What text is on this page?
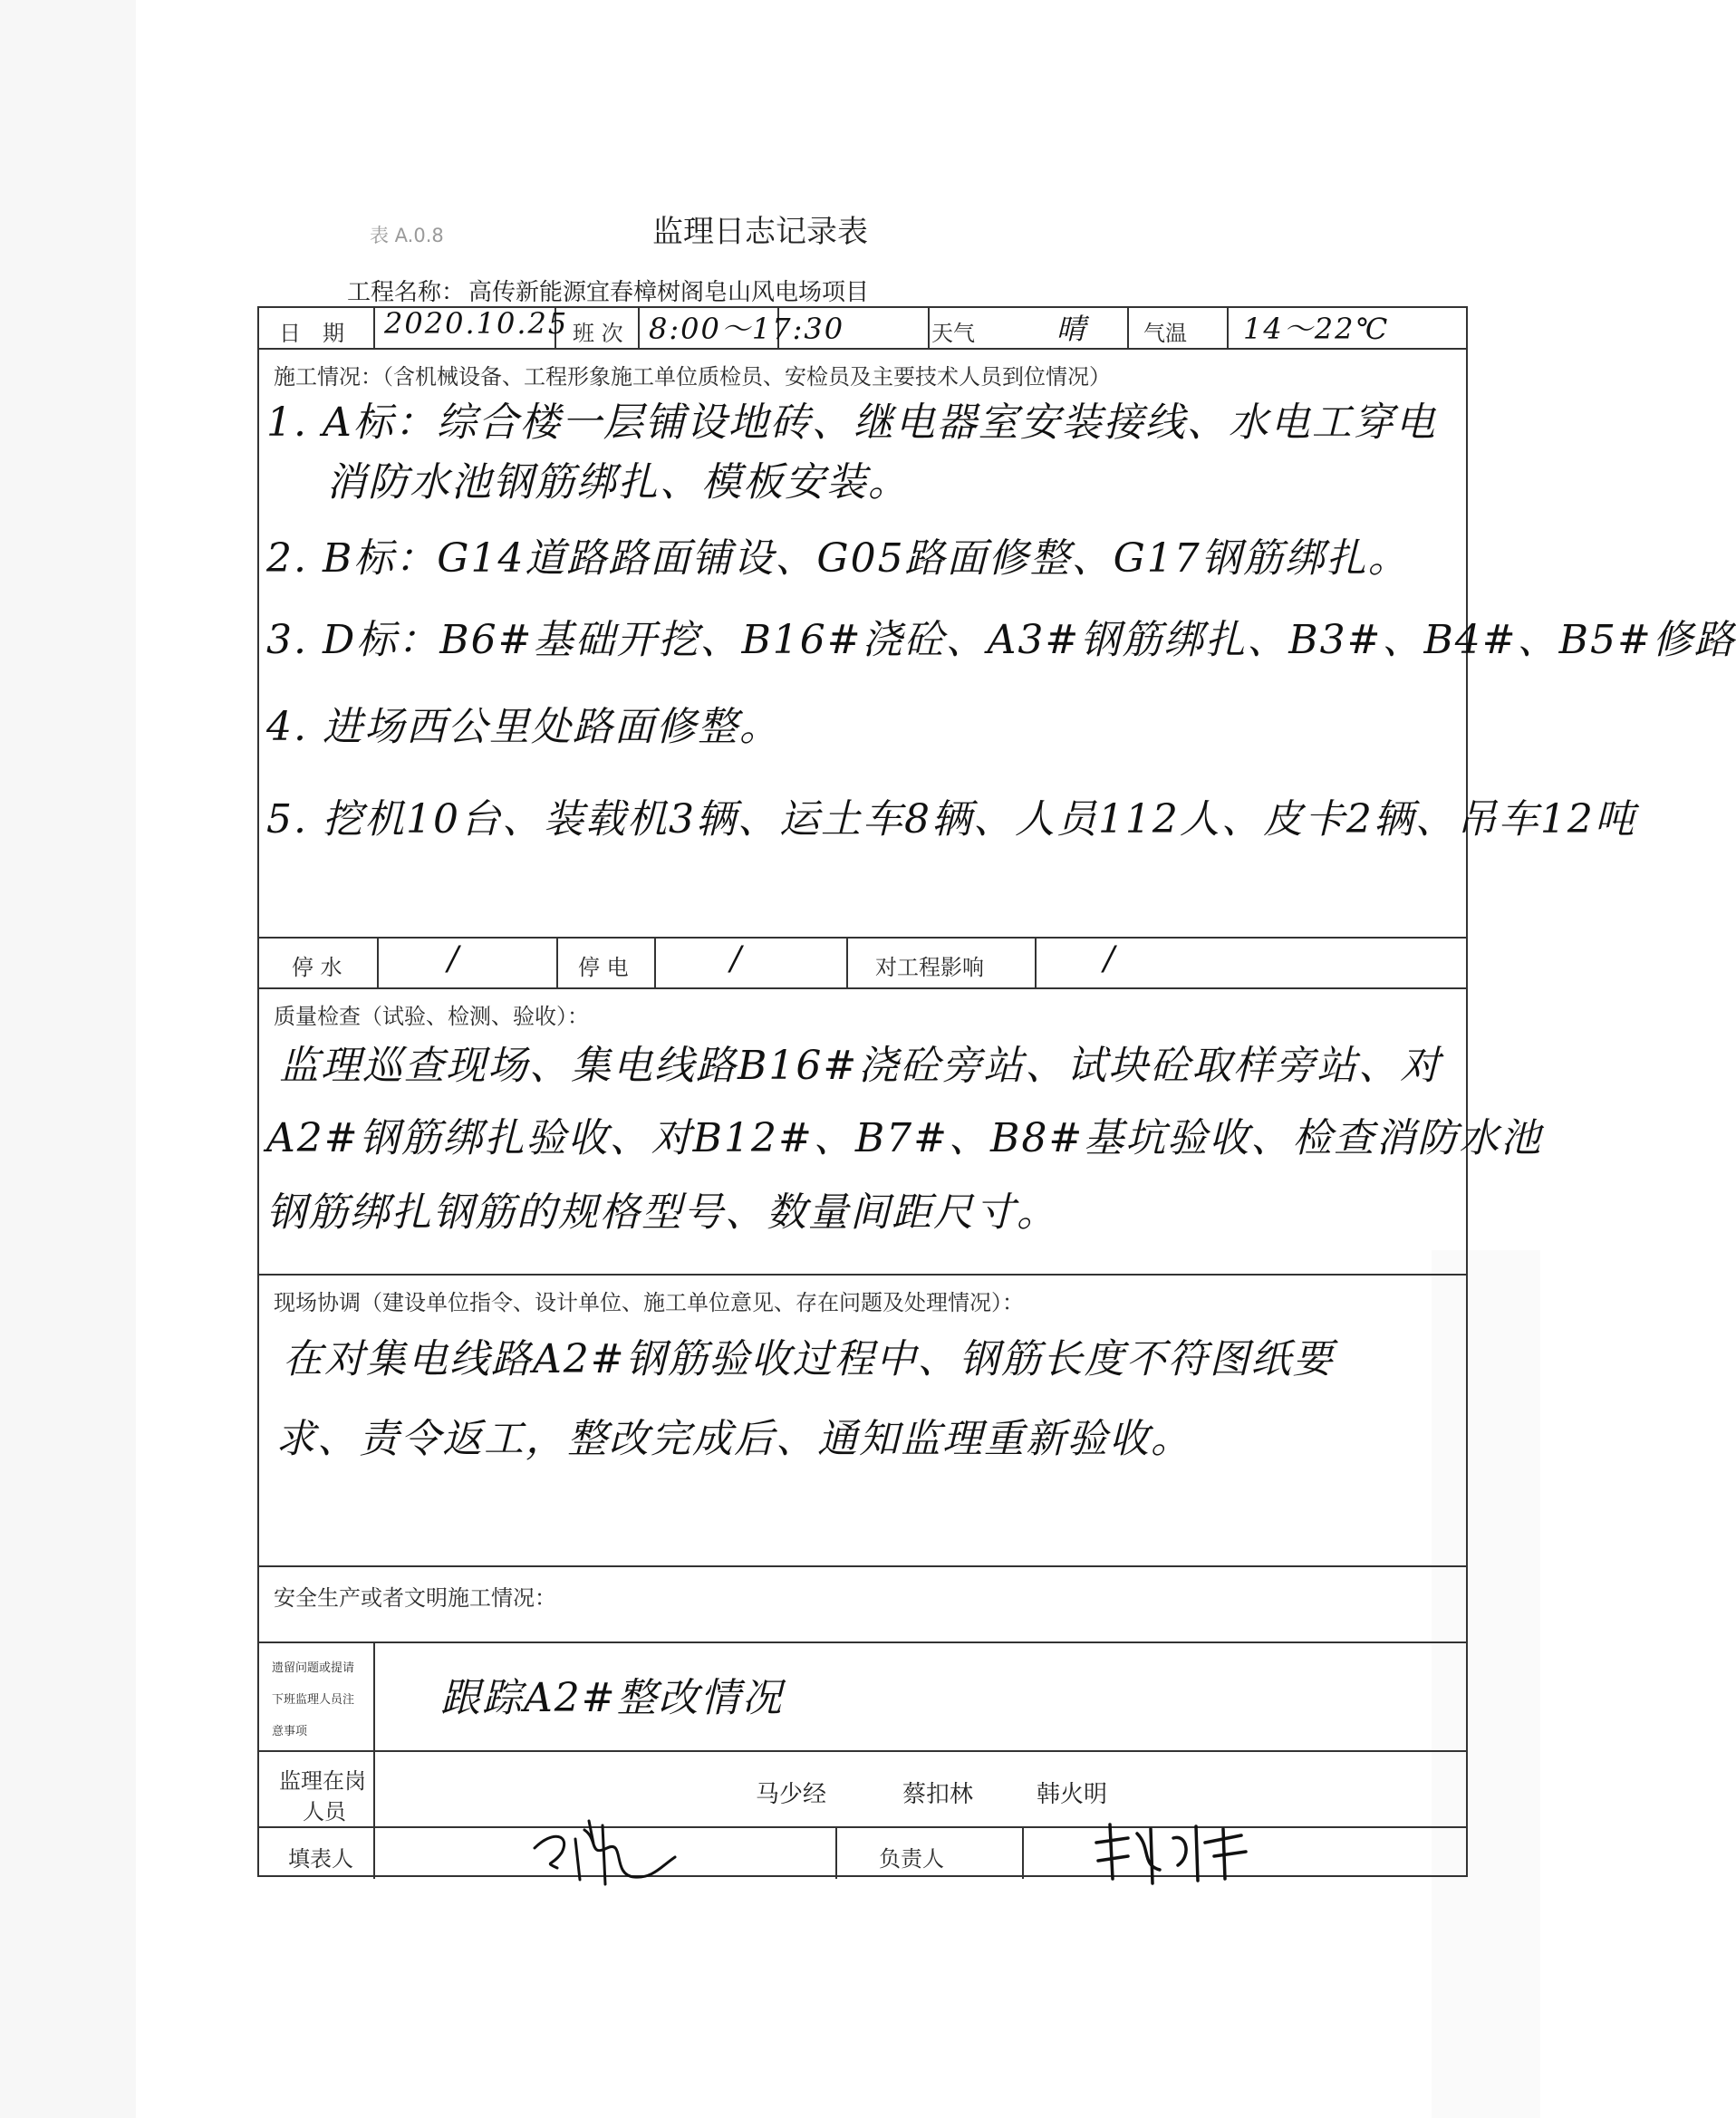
表 A.0.8	监理日志记录表
工程名称： 高传新能源宜春樟树阁皂山风电场项目
日　期 2020.10.25 班 次 8:00～17:30	天气	晴	气温 14～22℃
施工情况：（含机械设备、工程形象施工单位质检员、安检员及主要技术人员到位情况）
1. A标：综合楼一层铺设地砖、继电器室安装接线、水电工穿电
消防水池钢筋绑扎、模板安装。
2. B标：G14道路路面铺设、G05路面修整、G17钢筋绑扎。
3. D标：B6#基础开挖、B16#浇砼、A3#钢筋绑扎、B3#、B4#、B5#修路
4. 进场西公里处路面修整。
5. 挖机10台、装载机3辆、运土车8辆、人员112人、皮卡2辆、吊车12吨
停 水	/	停 电	/	对工程影响	/
质量检查（试验、检测、验收）：
监理巡查现场、集电线路B16#浇砼旁站、试块砼取样旁站、对
A2#钢筋绑扎验收、对B12#、B7#、B8#基坑验收、检查消防水池
钢筋绑扎钢筋的规格型号、数量间距尺寸。
现场协调（建设单位指令、设计单位、施工单位意见、存在问题及处理情况）：
在对集电线路A2#钢筋验收过程中、钢筋长度不符图纸要
求、责令返工，整改完成后、通知监理重新验收。
安全生产或者文明施工情况：
遗留问题或提请
下班监理人员注
意事项
跟踪A2#整改情况
监理在岗
人员
马少经	蔡扣林	韩火明
填表人	负责人
